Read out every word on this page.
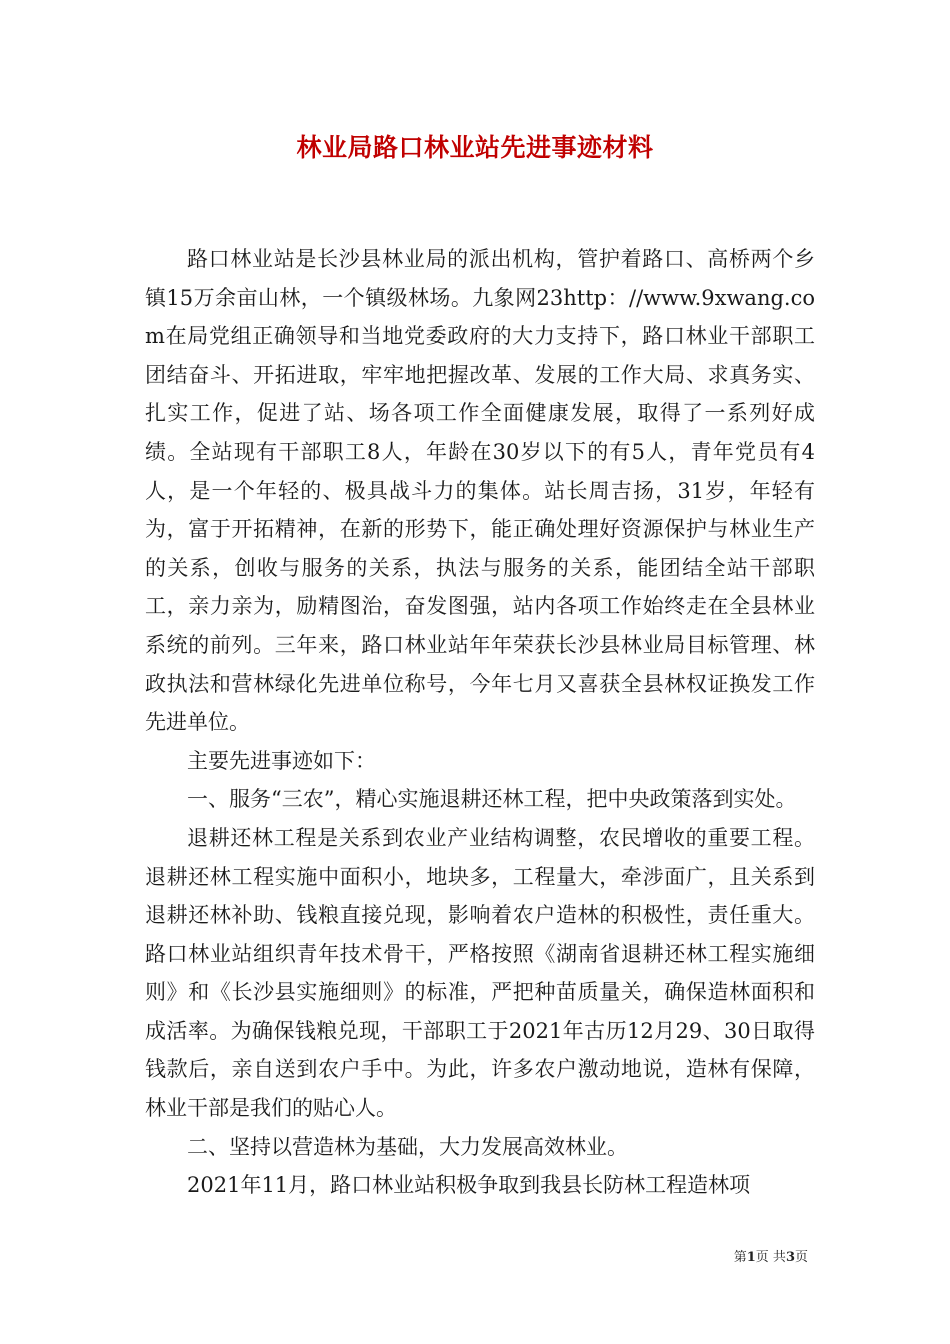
林业局路口林业站先进事迹材料

路口林业站是长沙县林业局的派出机构，管护着路口、高桥两个乡镇15万余亩山林，一个镇级林场。九象网23http：//www.9xwang.com在局党组正确领导和当地党委政府的大力支持下，路口林业干部职工团结奋斗、开拓进取，牢牢地把握改革、发展的工作大局、求真务实、扎实工作，促进了站、场各项工作全面健康发展，取得了一系列好成绩。全站现有干部职工8人，年龄在30岁以下的有5人，青年党员有4人，是一个年轻的、极具战斗力的集体。站长周吉扬，31岁，年轻有为，富于开拓精神，在新的形势下，能正确处理好资源保护与林业生产的关系，创收与服务的关系，执法与服务的关系，能团结全站干部职工，亲力亲为，励精图治，奋发图强，站内各项工作始终走在全县林业系统的前列。三年来，路口林业站年年荣获长沙县林业局目标管理、林政执法和营林绿化先进单位称号，今年七月又喜获全县林权证换发工作先进单位。

主要先进事迹如下：

一、服务“三农”，精心实施退耕还林工程，把中央政策落到实处。

退耕还林工程是关系到农业产业结构调整，农民增收的重要工程。退耕还林工程实施中面积小，地块多，工程量大，牵涉面广，且关系到退耕还林补助、钱粮直接兑现，影响着农户造林的积极性，责任重大。路口林业站组织青年技术骨干，严格按照《湖南省退耕还林工程实施细则》和《长沙县实施细则》的标准，严把种苗质量关，确保造林面积和成活率。为确保钱粮兑现，干部职工于2021年古历12月29、30日取得钱款后，亲自送到农户手中。为此，许多农户激动地说，造林有保障，林业干部是我们的贴心人。

二、坚持以营造林为基础，大力发展高效林业。

2021年11月，路口林业站积极争取到我县长防林工程造林项

第1页 共3页
